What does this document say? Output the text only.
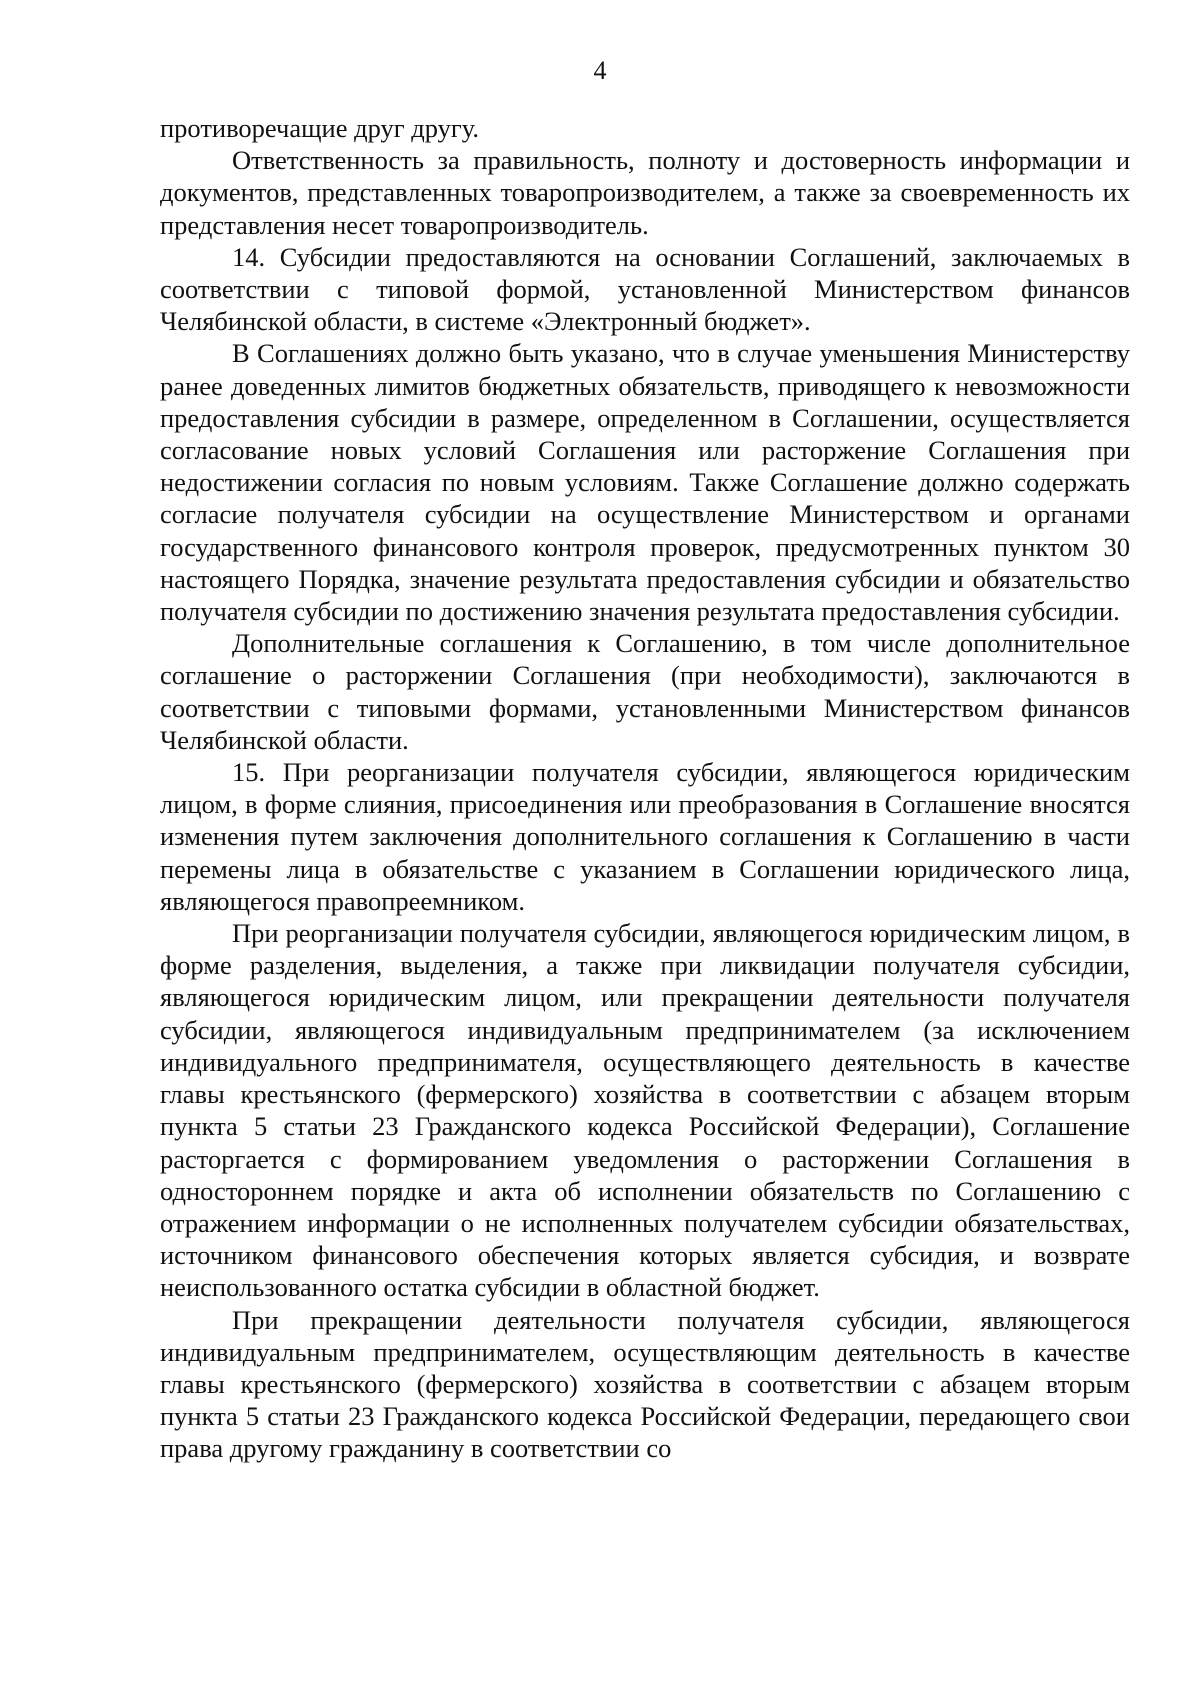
4

противоречащие друг другу.

Ответственность за правильность, полноту и достоверность информации и документов, представленных товаропроизводителем, а также за своевременность их представления несет товаропроизводитель.

14. Субсидии предоставляются на основании Соглашений, заключаемых в соответствии с типовой формой, установленной Министерством финансов Челябинской области, в системе «Электронный бюджет».

В Соглашениях должно быть указано, что в случае уменьшения Министерству ранее доведенных лимитов бюджетных обязательств, приводящего к невозможности предоставления субсидии в размере, определенном в Соглашении, осуществляется согласование новых условий Соглашения или расторжение Соглашения при недостижении согласия по новым условиям. Также Соглашение должно содержать согласие получателя субсидии на осуществление Министерством и органами государственного финансового контроля проверок, предусмотренных пунктом 30 настоящего Порядка, значение результата предоставления субсидии и обязательство получателя субсидии по достижению значения результата предоставления субсидии.

Дополнительные соглашения к Соглашению, в том числе дополнительное соглашение о расторжении Соглашения (при необходимости), заключаются в соответствии с типовыми формами, установленными Министерством финансов Челябинской области.

15. При реорганизации получателя субсидии, являющегося юридическим лицом, в форме слияния, присоединения или преобразования в Соглашение вносятся изменения путем заключения дополнительного соглашения к Соглашению в части перемены лица в обязательстве с указанием в Соглашении юридического лица, являющегося правопреемником.

При реорганизации получателя субсидии, являющегося юридическим лицом, в форме разделения, выделения, а также при ликвидации получателя субсидии, являющегося юридическим лицом, или прекращении деятельности получателя субсидии, являющегося индивидуальным предпринимателем (за исключением индивидуального предпринимателя, осуществляющего деятельность в качестве главы крестьянского (фермерского) хозяйства в соответствии с абзацем вторым пункта 5 статьи 23 Гражданского кодекса Российской Федерации), Соглашение расторгается с формированием уведомления о расторжении Соглашения в одностороннем порядке и акта об исполнении обязательств по Соглашению с отражением информации о не исполненных получателем субсидии обязательствах, источником финансового обеспечения которых является субсидия, и возврате неиспользованного остатка субсидии в областной бюджет.

При прекращении деятельности получателя субсидии, являющегося индивидуальным предпринимателем, осуществляющим деятельность в качестве главы крестьянского (фермерского) хозяйства в соответствии с абзацем вторым пункта 5 статьи 23 Гражданского кодекса Российской Федерации, передающего свои права другому гражданину в соответствии со
